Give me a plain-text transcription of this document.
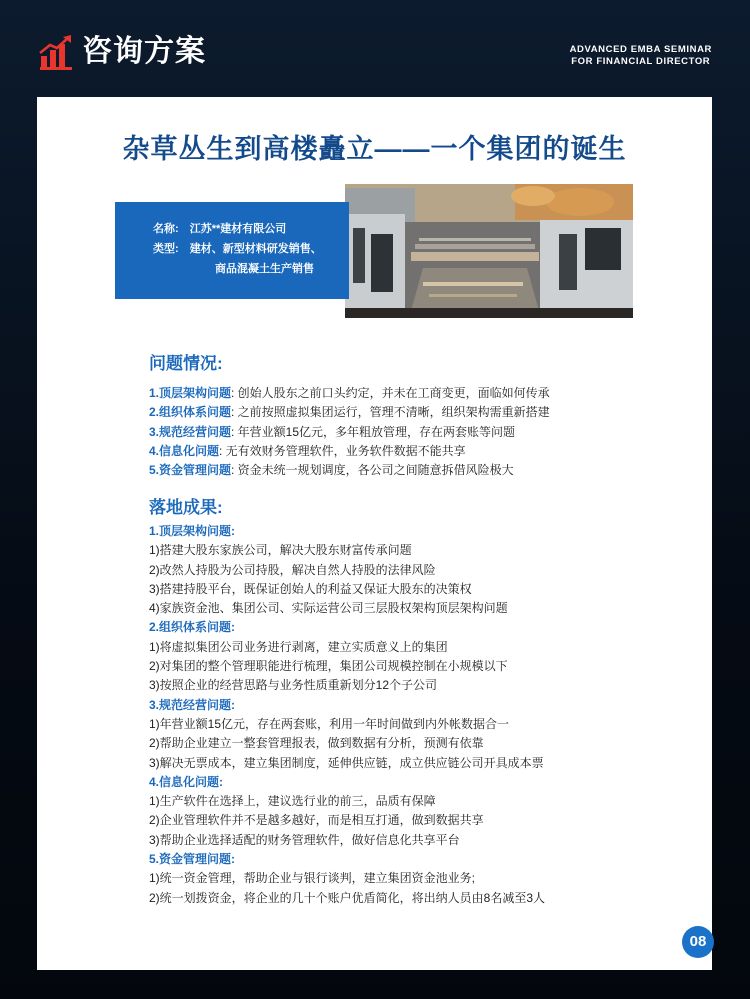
咨询方案	ADVANCED EMBA SEMINAR
FOR FINANCIAL DIRECTOR
杂草丛生到高楼矗立——一个集团的诞生
名称: 江苏**建材有限公司
类型: 建材、新型材料研发销售、
商品混凝土生产销售
问题情况:
1.顶层架构问题: 创始人股东之前口头约定，并未在工商变更，面临如何传承
2.组织体系问题: 之前按照虚拟集团运行，管理不清晰，组织架构需重新搭建
3.规范经营问题: 年营业额15亿元，多年粗放管理，存在两套账等问题
4.信息化问题: 无有效财务管理软件，业务软件数据不能共享
5.资金管理问题: 资金未统一规划调度，各公司之间随意拆借风险极大
落地成果:
1.顶层架构问题:
1)搭建大股东家族公司，解决大股东财富传承问题
2)改然人持股为公司持股，解决自然人持股的法律风险
3)搭建持股平台，既保证创始人的利益又保证大股东的决策权
4)家族资金池、集团公司、实际运营公司三层股权架构顶层架构问题
2.组织体系问题:
1)将虚拟集团公司业务进行剥离，建立实质意义上的集团
2)对集团的整个管理职能进行梳理，集团公司规模控制在小规模以下
3)按照企业的经营思路与业务性质重新划分12个子公司
3.规范经营问题:
1)年营业额15亿元，存在两套账，利用一年时间做到内外帐数据合一
2)帮助企业建立一整套管理报表，做到数据有分析，预测有依靠
3)解决无票成本，建立集团制度，延伸供应链，成立供应链公司开具成本票
4.信息化问题:
1)生产软件在选择上，建议选行业的前三，品质有保障
2)企业管理软件并不是越多越好，而是相互打通，做到数据共享
3)帮助企业选择适配的财务管理软件，做好信息化共享平台
5.资金管理问题:
1)统一资金管理，帮助企业与银行谈判，建立集团资金池业务;
2)统一划拨资金，将企业的几十个账户优盾简化，将出纳人员由8名减至3人
08
